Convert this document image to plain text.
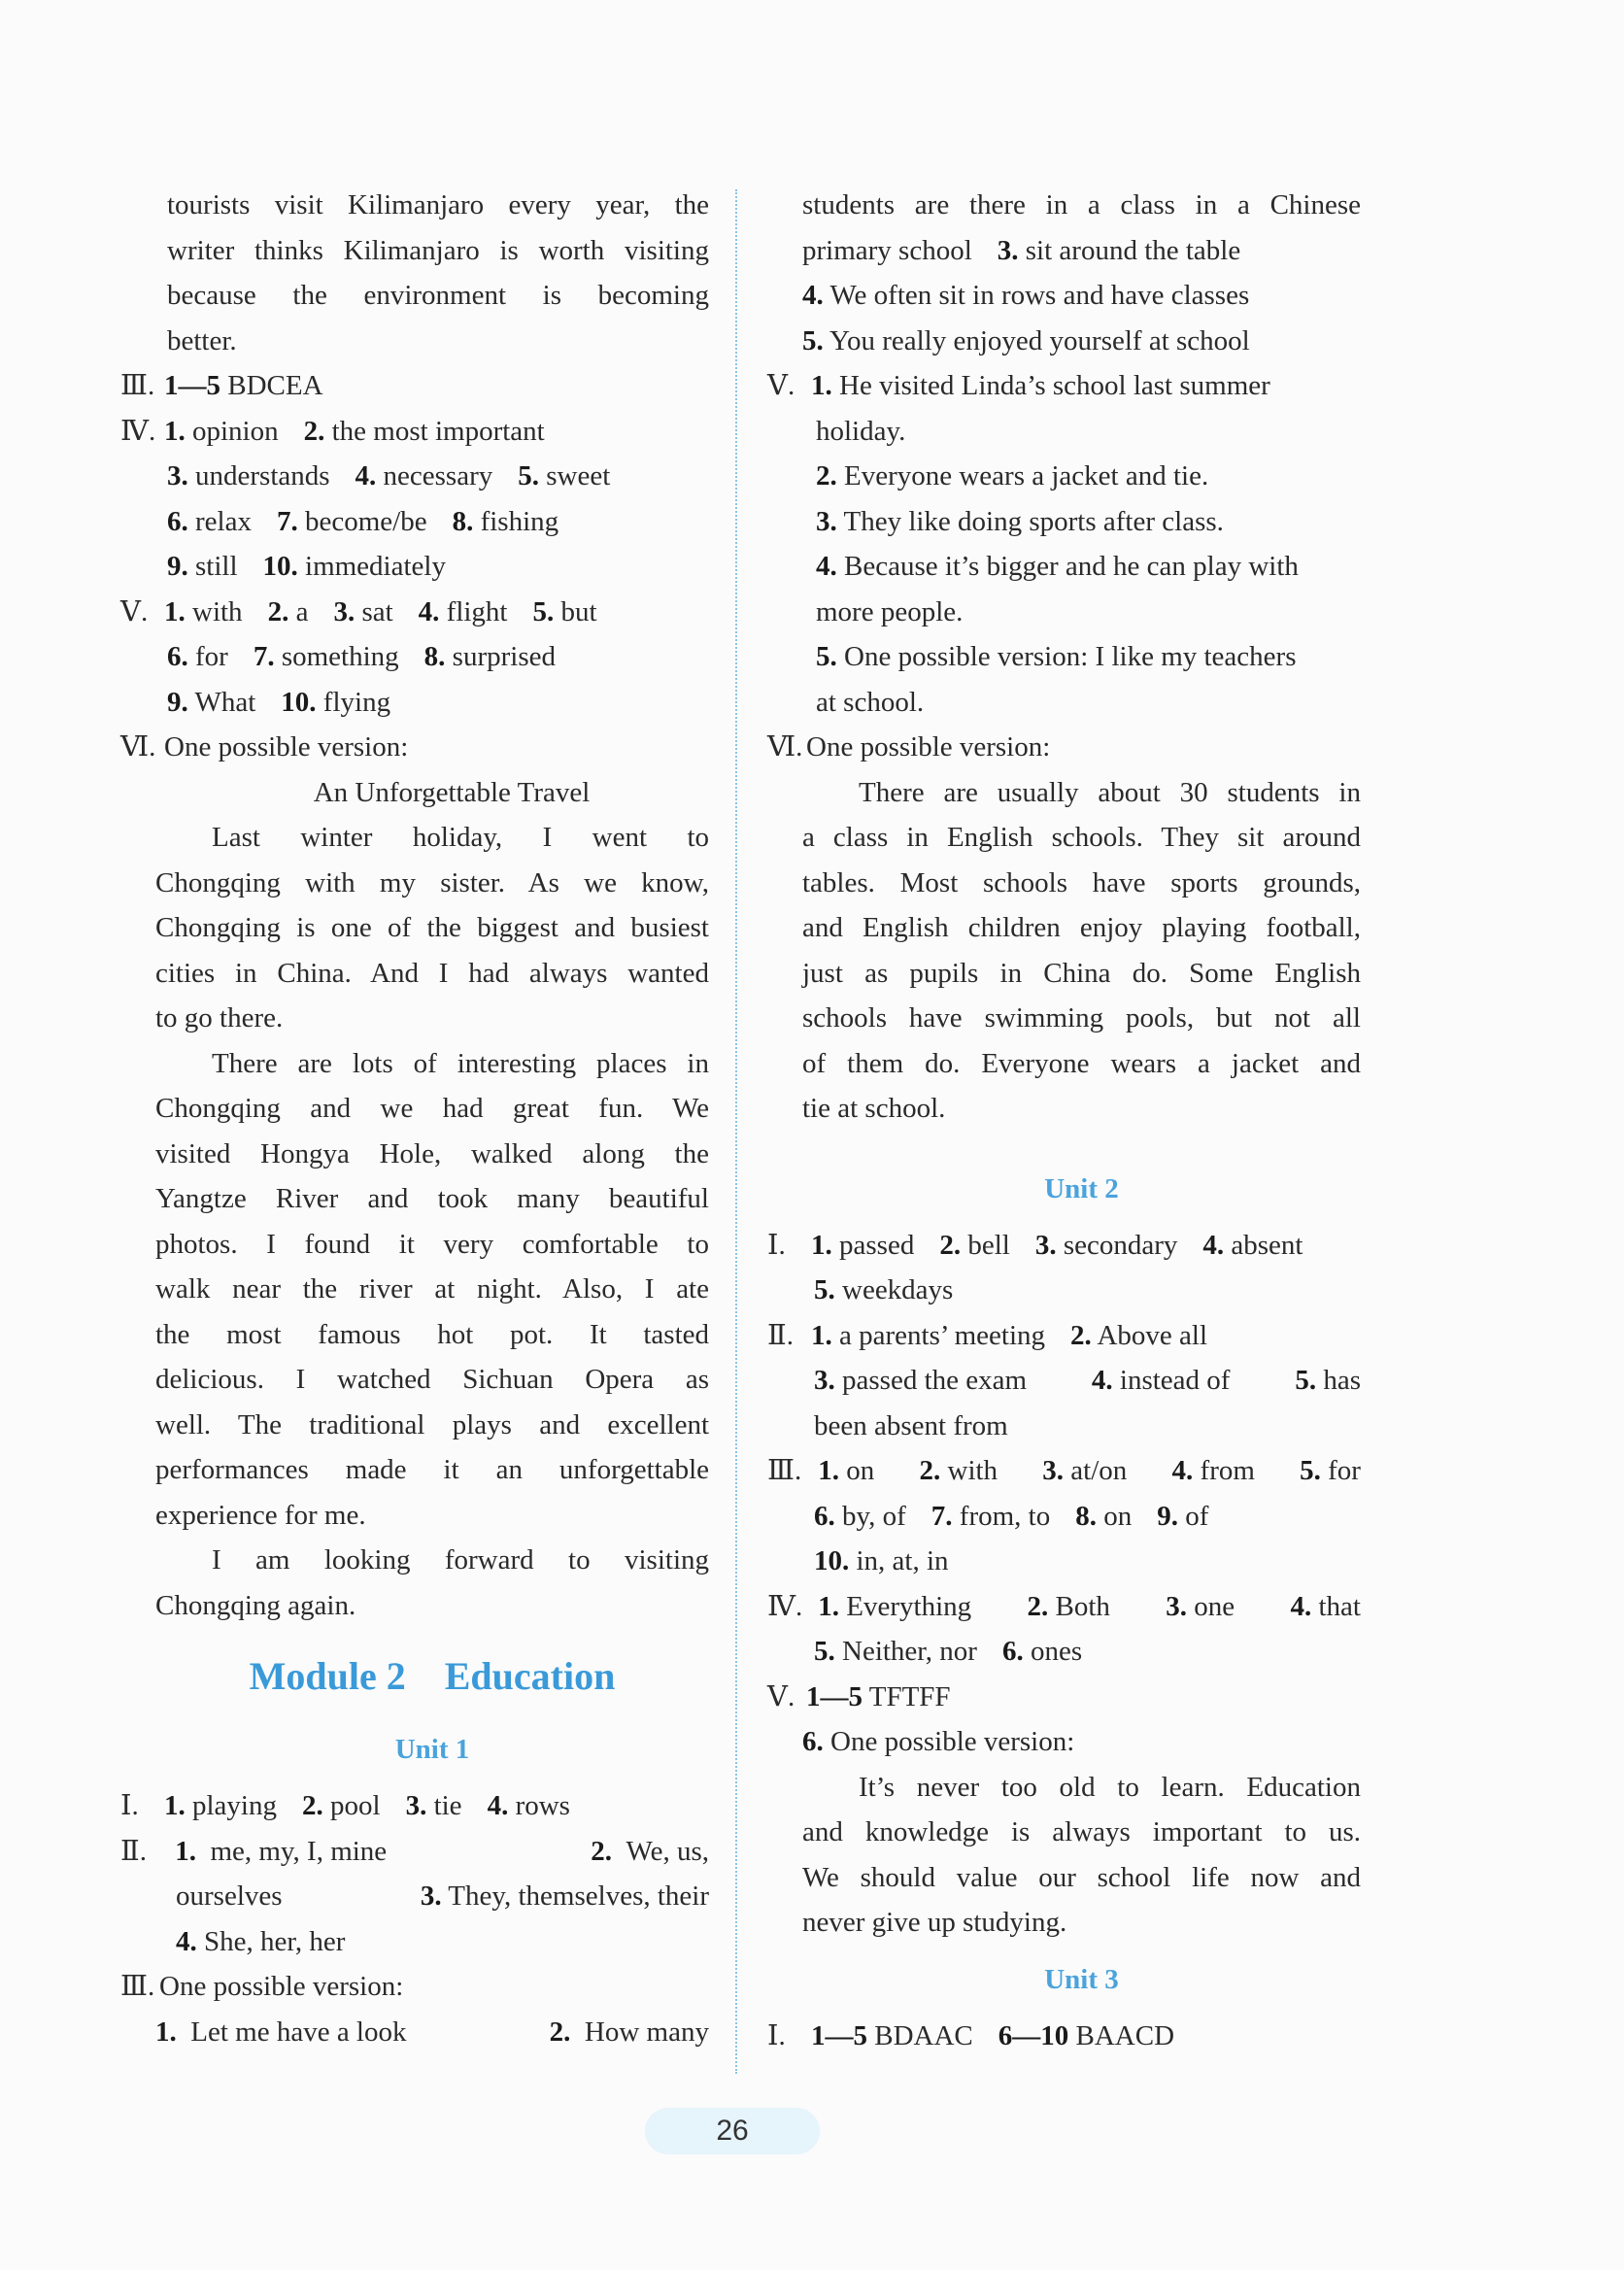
tourists visit Kilimanjaro every year, the
writer thinks Kilimanjaro is worth visiting
because the environment is becoming
better.
Ⅲ. 1—5 BDCEA
Ⅳ. 1. opinion 2. the most important
3. understands 4. necessary 5. sweet
6. relax 7. become/be 8. fishing
9. still 10. immediately
Ⅴ. 1. with 2. a 3. sat 4. flight 5. but
6. for 7. something 8. surprised
9. What 10. flying
Ⅵ. One possible version:
An Unforgettable Travel
Last winter holiday, I went to
Chongqing with my sister. As we know,
Chongqing is one of the biggest and busiest
cities in China. And I had always wanted
to go there.
There are lots of interesting places in
Chongqing and we had great fun. We
visited Hongya Hole, walked along the
Yangtze River and took many beautiful
photos. I found it very comfortable to
walk near the river at night. Also, I ate
the most famous hot pot. It tasted
delicious. I watched Sichuan Opera as
well. The traditional plays and excellent
performances made it an unforgettable
experience for me.
I am looking forward to visiting
Chongqing again.
Module 2 Education
Unit 1
Ⅰ. 1. playing 2. pool 3. tie 4. rows
Ⅱ.	1. me, my, I, mine	2. We, us,
ourselves	3. They, themselves, their
4. She, her, her
Ⅲ. One possible version:
1. Let me have a look	2. How many
students are there in a class in a Chinese
primary school 3. sit around the table
4. We often sit in rows and have classes
5. You really enjoyed yourself at school
Ⅴ. 1. He visited Linda’s school last summer
holiday.
2. Everyone wears a jacket and tie.
3. They like doing sports after class.
4. Because it’s bigger and he can play with
more people.
5. One possible version: I like my teachers
at school.
Ⅵ. One possible version:
There are usually about 30 students in
a class in English schools. They sit around
tables. Most schools have sports grounds,
and English children enjoy playing football,
just as pupils in China do. Some English
schools have swimming pools, but not all
of them do. Everyone wears a jacket and
tie at school.
Unit 2
Ⅰ. 1. passed 2. bell 3. secondary 4. absent
5. weekdays
Ⅱ. 1. a parents’ meeting 2. Above all
3. passed the exam 4. instead of 5. has
been absent from
Ⅲ. 1. on 2. with 3. at/on 4. from 5. for
6. by, of 7. from, to 8. on 9. of
10. in, at, in
Ⅳ. 1. Everything 2. Both 3. one 4. that
5. Neither, nor 6. ones
Ⅴ. 1—5 TFTFF
6. One possible version:
It’s never too old to learn. Education
and knowledge is always important to us.
We should value our school life now and
never give up studying.
Unit 3
Ⅰ. 1—5 BDAAC 6—10 BAACD
26
